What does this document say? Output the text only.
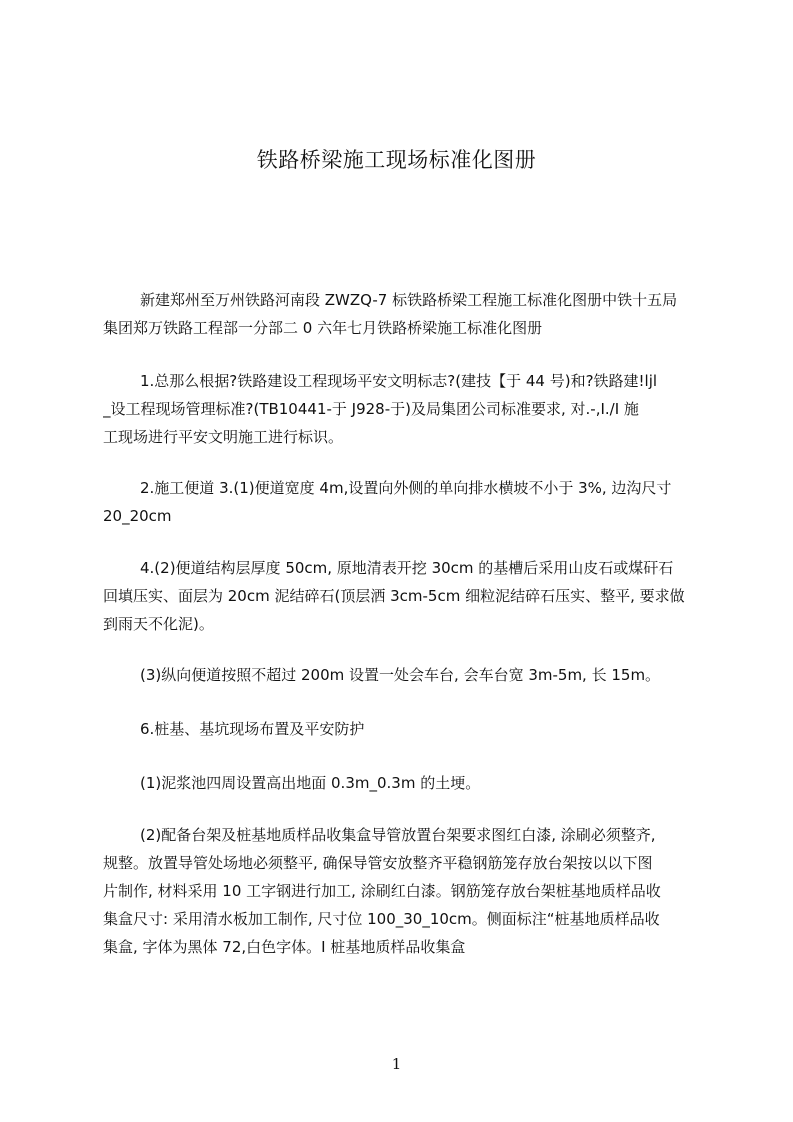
铁路桥梁施工现场标准化图册
新建郑州至万州铁路河南段 ZWZQ-7 标铁路桥梁工程施工标准化图册中铁十五局
集团郑万铁路工程部一分部二 0 六年七月铁路桥梁施工标准化图册
1.总那么根据?铁路建设工程现场平安文明标志?(建技【于 44 号)和?铁路建!ljl
_设工程现场管理标准?(TB10441-于 J928-于)及局集团公司标准要求, 对.-,I./I 施
工现场进行平安文明施工进行标识。
2.施工便道 3.(1)便道宽度 4m,设置向外侧的单向排水横坡不小于 3%, 边沟尺寸
20_20cm
4.(2)便道结构层厚度 50cm, 原地清表开挖 30cm 的基槽后采用山皮石或煤矸石
回填压实、面层为 20cm 泥结碎石(顶层洒 3cm-5cm 细粒泥结碎石压实、整平, 要求做
到雨天不化泥)。
(3)纵向便道按照不超过 200m 设置一处会车台, 会车台宽 3m-5m, 长 15m。
6.桩基、基坑现场布置及平安防护
(1)泥浆池四周设置高出地面 0.3m_0.3m 的土埂。
(2)配备台架及桩基地质样品收集盒导管放置台架要求图红白漆, 涂刷必须整齐,
规整。放置导管处场地必须整平, 确保导管安放整齐平稳钢筋笼存放台架按以以下图
片制作, 材料采用 10 工字钢进行加工, 涂刷红白漆。钢筋笼存放台架桩基地质样品收
集盒尺寸: 采用清水板加工制作, 尺寸位 100_30_10cm。侧面标注“桩基地质样品收
集盒, 字体为黑体 72,白色字体。I 桩基地质样品收集盒
1
